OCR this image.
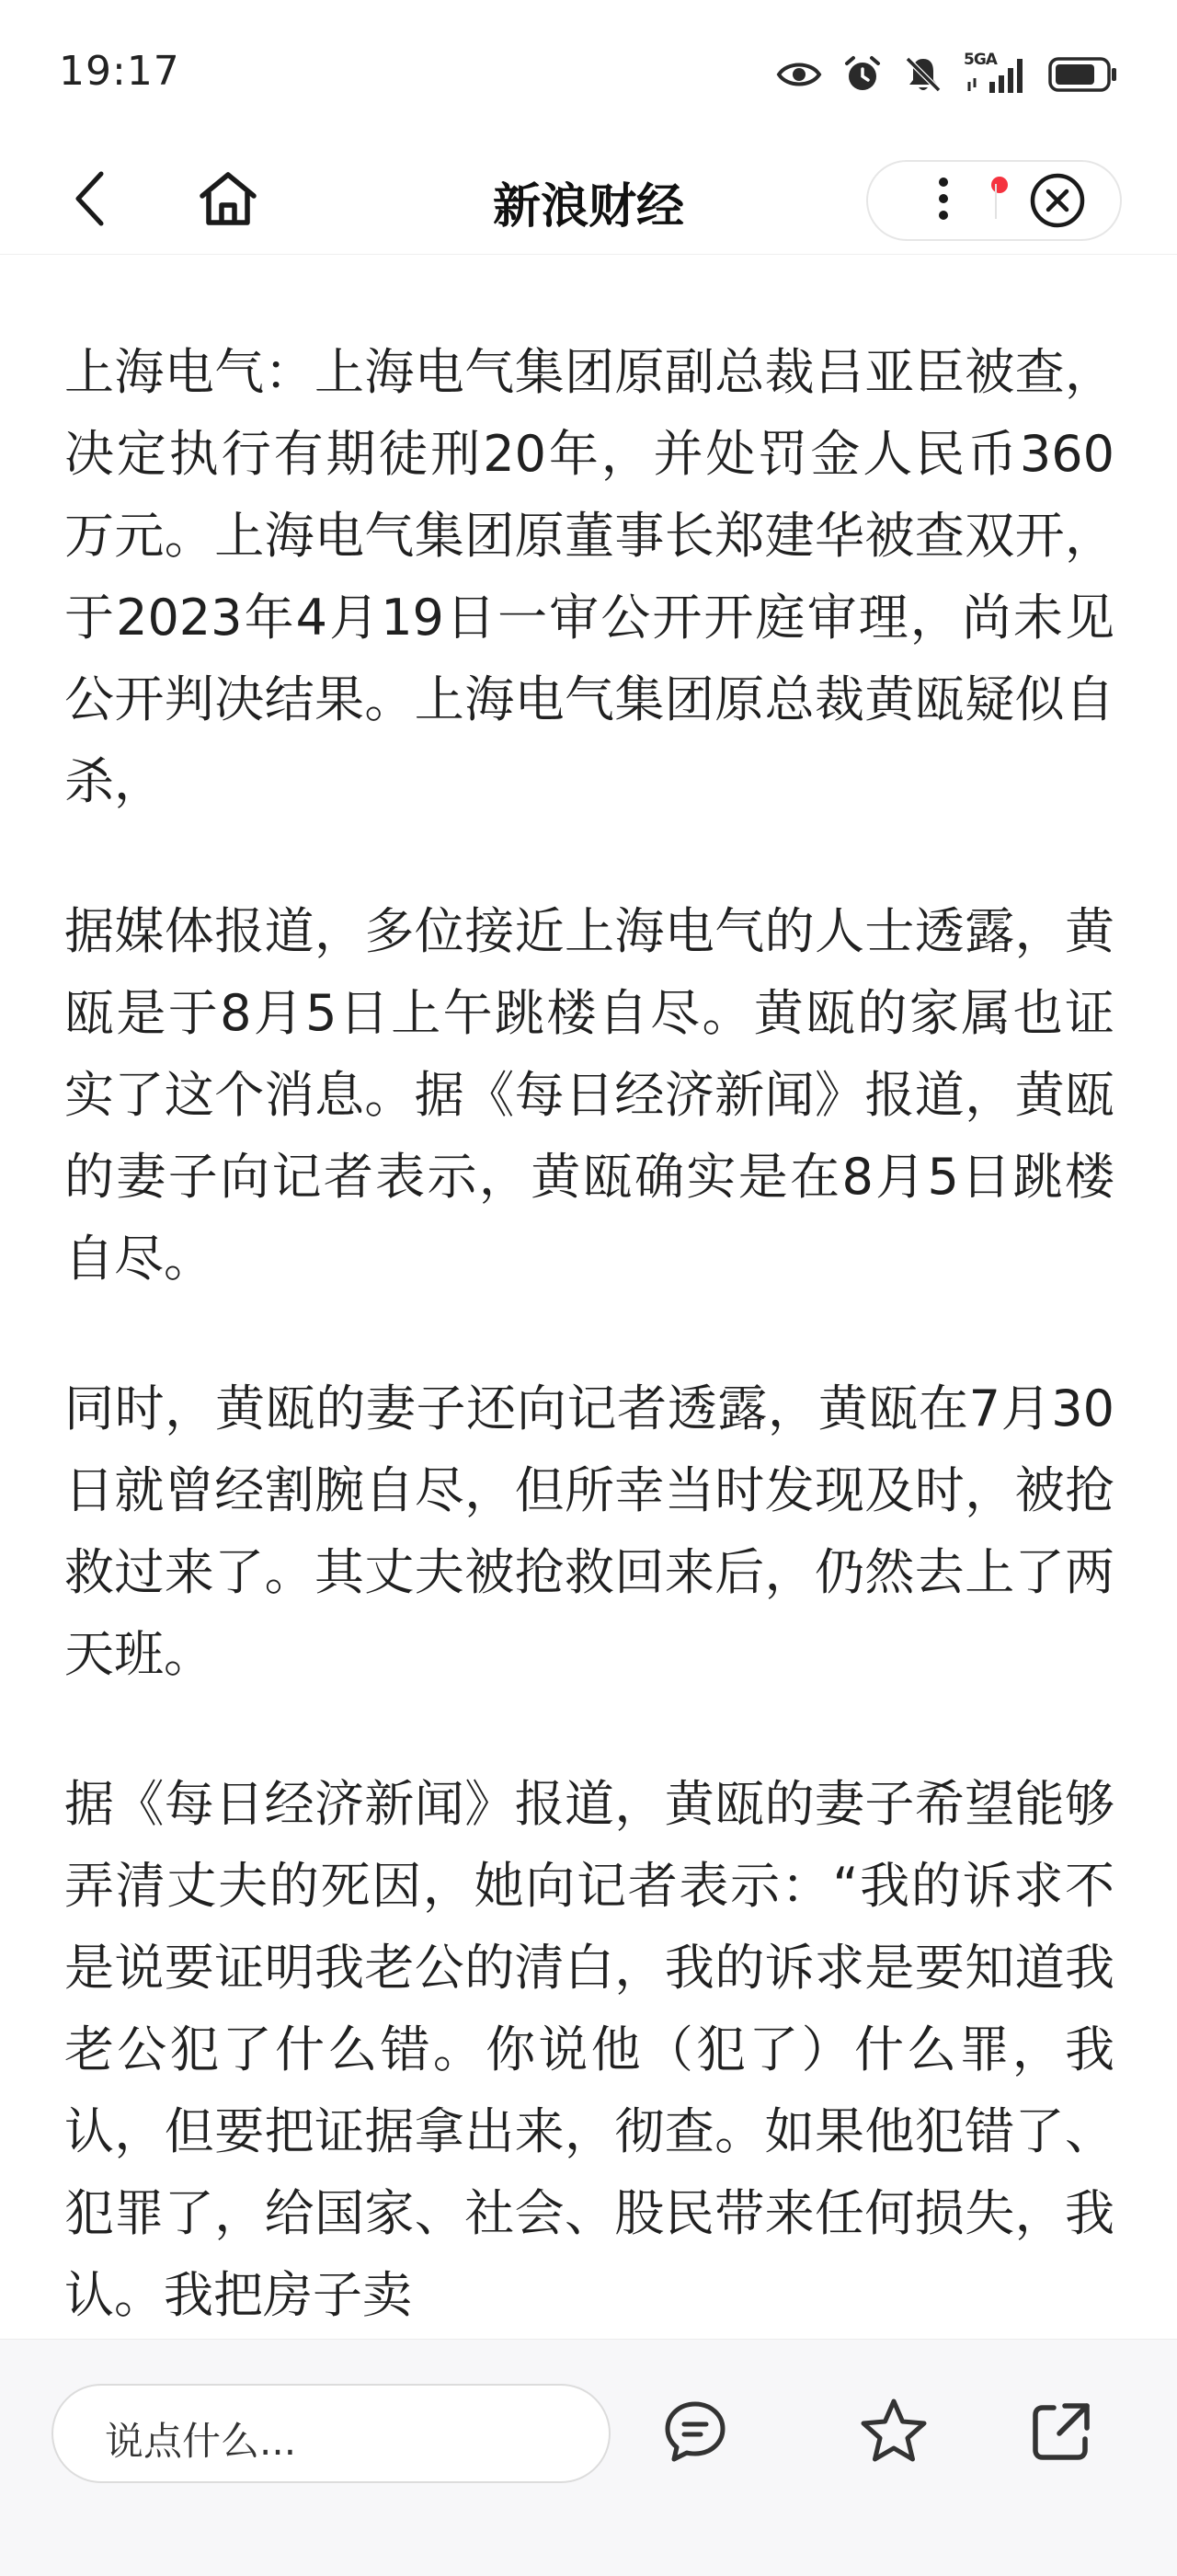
19:17	5GA
新浪财经

上海电气：上海电气集团原副总裁吕亚臣被查，决定执行有期徒刑20年，并处罚金人民币360万元。上海电气集团原董事长郑建华被查双开，于2023年4月19日一审公开开庭审理，尚未见公开判决结果。上海电气集团原总裁黄瓯疑似自杀，

据媒体报道，多位接近上海电气的人士透露，黄瓯是于8月5日上午跳楼自尽。黄瓯的家属也证实了这个消息。据《每日经济新闻》报道，黄瓯的妻子向记者表示，黄瓯确实是在8月5日跳楼自尽。

同时，黄瓯的妻子还向记者透露，黄瓯在7月30日就曾经割腕自尽，但所幸当时发现及时，被抢救过来了。其丈夫被抢救回来后，仍然去上了两天班。

据《每日经济新闻》报道，黄瓯的妻子希望能够弄清丈夫的死因，她向记者表示：“我的诉求不是说要证明我老公的清白，我的诉求是要知道我老公犯了什么错。你说他（犯了）什么罪，我认，但要把证据拿出来，彻查。如果他犯错了、犯罪了，给国家、社会、股民带来任何损失，我认。我把房子卖

说点什么...
